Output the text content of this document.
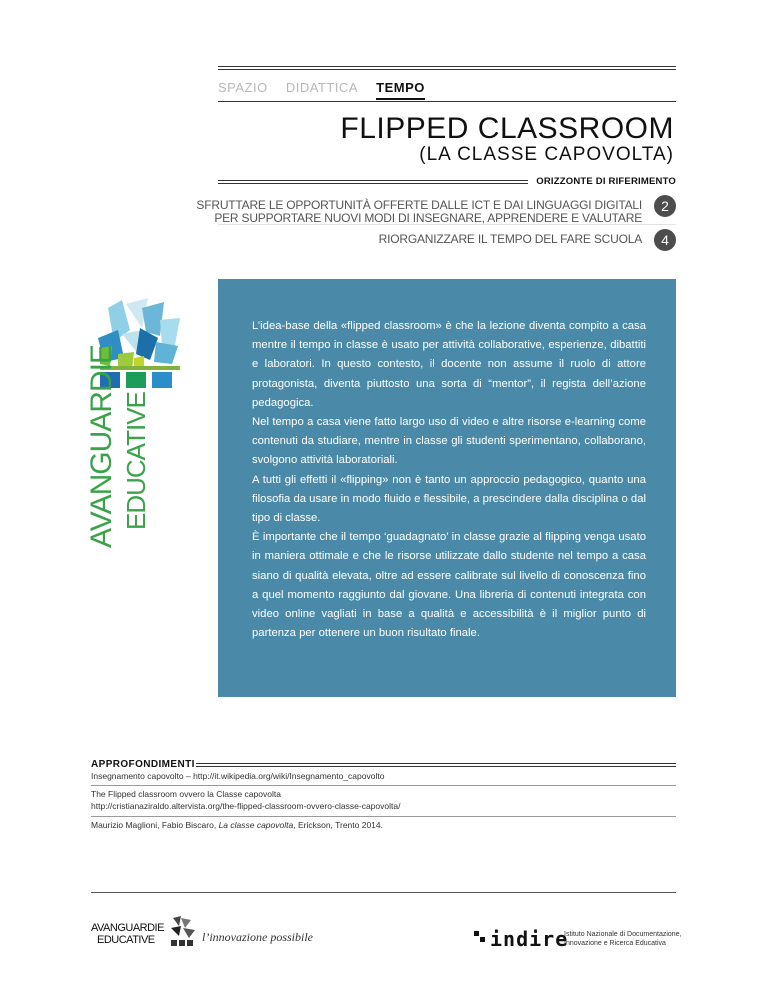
SPAZIO DIDATTICA TEMPO
FLIPPED CLASSROOM
(LA CLASSE CAPOVOLTA)
ORIZZONTE DI RIFERIMENTO
SFRUTTARE LE OPPORTUNITÀ OFFERTE DALLE ICT E DAI LINGUAGGI DIGITALI
PER SUPPORTARE NUOVI MODI DI INSEGNARE, APPRENDERE E VALUTARE
2
RIORGANIZZARE IL TEMPO DEL FARE SCUOLA	4
AVANGUARDIE EDUCATIVE

L’idea-base della «flipped classroom» è che la lezione diventa compito a casa mentre il tempo in classe è usato per attività collaborative, esperienze, dibattiti e laboratori. In questo contesto, il docente non assume il ruolo di attore protagonista, diventa piuttosto una sorta di “mentor”, il regista dell’azione pedagogica.

Nel tempo a casa viene fatto largo uso di video e altre risorse e-learning come contenuti da studiare, mentre in classe gli studenti sperimentano, collaborano, svolgono attività laboratoriali.

A tutti gli effetti il «flipping» non è tanto un approccio pedagogico, quanto una filosofia da usare in modo fluido e flessibile, a prescindere dalla disciplina o dal tipo di classe.

È importante che il tempo ‘guadagnato’ in classe grazie al flipping venga usato in maniera ottimale e che le risorse utilizzate dallo studente nel tempo a casa siano di qualità elevata, oltre ad essere calibrate sul livello di conoscenza fino a quel momento raggiunto dal giovane. Una libreria di contenuti integrata con video online vagliati in base a qualità e accessibilità è il miglior punto di partenza per ottenere un buon risultato finale.

APPROFONDIMENTI
Insegnamento capovolto – http://it.wikipedia.org/wiki/Insegnamento_capovolto
The Flipped classroom ovvero la Classe capovolta
http://cristianaziraldo.altervista.org/the-flipped-classroom-ovvero-classe-capovolta/
Maurizio Maglioni, Fabio Biscaro, La classe capovolta, Erickson, Trento 2014.
AVANGUARDIE
EDUCATIVE	l’innovazione possibile	indire
Istituto Nazionale di Documentazione,
Innovazione e Ricerca Educativa
